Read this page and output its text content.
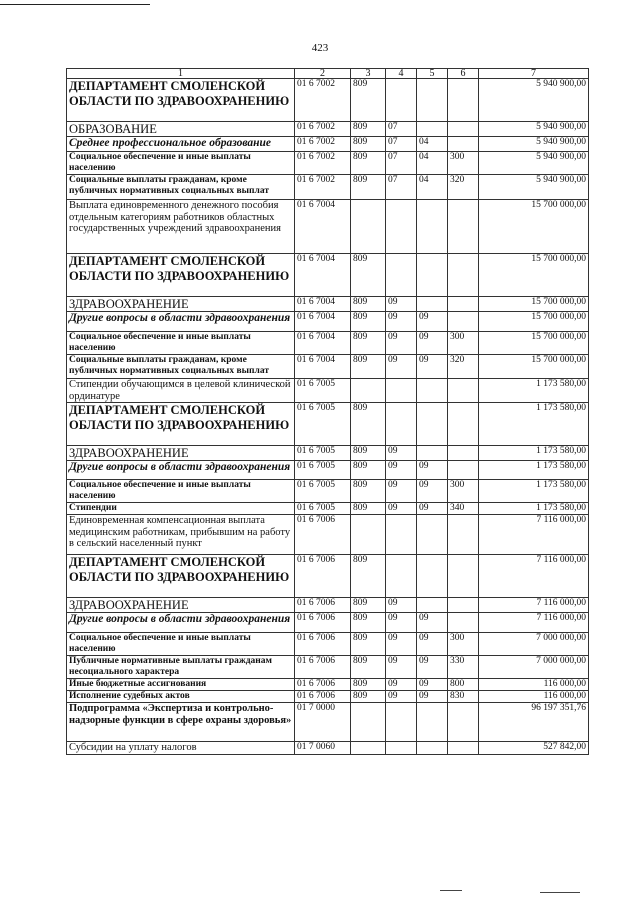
423
1	2	3	4	5	6	7
ДЕПАРТАМЕНТ СМОЛЕНСКОЙ ОБЛАСТИ ПО ЗДРАВООХРАНЕНИЮ	01 6 7002	809				5 940 900,00
ОБРАЗОВАНИЕ	01 6 7002	809	07			5 940 900,00
Среднее профессиональное образование	01 6 7002	809	07	04		5 940 900,00
Социальное обеспечение и иные выплаты населению	01 6 7002	809	07	04	300	5 940 900,00
Социальные выплаты гражданам, кроме публичных нормативных социальных выплат	01 6 7002	809	07	04	320	5 940 900,00
Выплата единовременного денежного пособия отдельным категориям работников областных государственных учреждений здравоохранения	01 6 7004					15 700 000,00
ДЕПАРТАМЕНТ СМОЛЕНСКОЙ ОБЛАСТИ ПО ЗДРАВООХРАНЕНИЮ	01 6 7004	809				15 700 000,00
ЗДРАВООХРАНЕНИЕ	01 6 7004	809	09			15 700 000,00
Другие вопросы в области здравоохранения	01 6 7004	809	09	09		15 700 000,00
Социальное обеспечение и иные выплаты населению	01 6 7004	809	09	09	300	15 700 000,00
Социальные выплаты гражданам, кроме публичных нормативных социальных выплат	01 6 7004	809	09	09	320	15 700 000,00
Стипендии обучающимся в целевой клинической ординатуре	01 6 7005					1 173 580,00
ДЕПАРТАМЕНТ СМОЛЕНСКОЙ ОБЛАСТИ ПО ЗДРАВООХРАНЕНИЮ	01 6 7005	809				1 173 580,00
ЗДРАВООХРАНЕНИЕ	01 6 7005	809	09			1 173 580,00
Другие вопросы в области здравоохранения	01 6 7005	809	09	09		1 173 580,00
Социальное обеспечение и иные выплаты населению	01 6 7005	809	09	09	300	1 173 580,00
Стипендии	01 6 7005	809	09	09	340	1 173 580,00
Единовременная компенсационная выплата медицинским работникам, прибывшим на работу в сельский населенный пункт	01 6 7006					7 116 000,00
ДЕПАРТАМЕНТ СМОЛЕНСКОЙ ОБЛАСТИ ПО ЗДРАВООХРАНЕНИЮ	01 6 7006	809				7 116 000,00
ЗДРАВООХРАНЕНИЕ	01 6 7006	809	09			7 116 000,00
Другие вопросы в области здравоохранения	01 6 7006	809	09	09		7 116 000,00
Социальное обеспечение и иные выплаты населению	01 6 7006	809	09	09	300	7 000 000,00
Публичные нормативные выплаты гражданам несоциального характера	01 6 7006	809	09	09	330	7 000 000,00
Иные бюджетные ассигнования	01 6 7006	809	09	09	800	116 000,00
Исполнение судебных актов	01 6 7006	809	09	09	830	116 000,00
Подпрограмма «Экспертиза и контрольно-надзорные функции в сфере охраны здоровья»	01 7 0000					96 197 351,76
Субсидии на уплату налогов	01 7 0060					527 842,00
